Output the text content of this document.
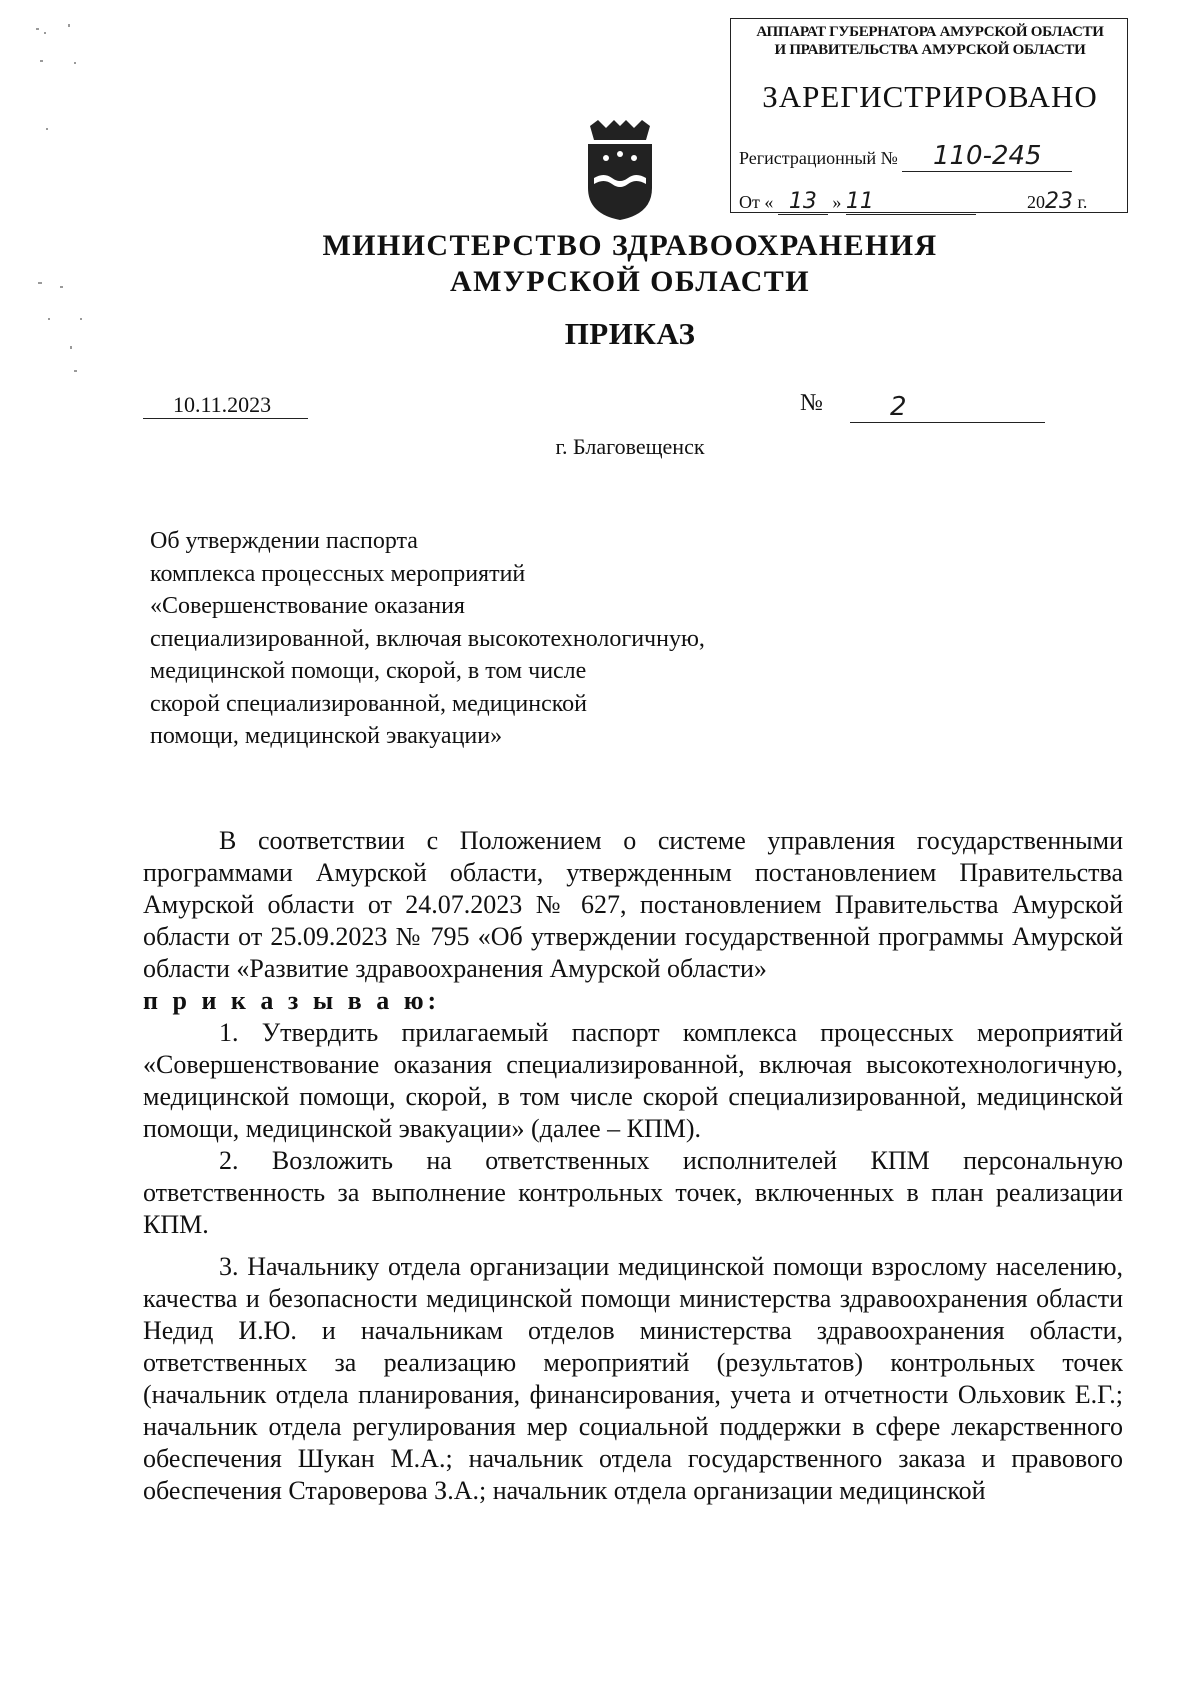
АППАРАТ ГУБЕРНАТОРА АМУРСКОЙ ОБЛАСТИ
И ПРАВИТЕЛЬСТВА АМУРСКОЙ ОБЛАСТИ
ЗАРЕГИСТРИРОВАНО
Регистрационный № 110-245
От « 13 » 11	2023 г.
МИНИСТЕРСТВО ЗДРАВООХРАНЕНИЯ
АМУРСКОЙ ОБЛАСТИ
ПРИКАЗ
10.11.2023	№	2
г. Благовещенск
Об утверждении паспорта
комплекса процессных мероприятий
«Совершенствование оказания
специализированной, включая высокотехнологичную,
медицинской помощи, скорой, в том числе
скорой специализированной, медицинской
помощи, медицинской эвакуации»

В соответствии с Положением о системе управления государственными программами Амурской области, утвержденным постановлением Правительства Амурской области от 24.07.2023 № 627, постановлением Правительства Амурской области от 25.09.2023 № 795 «Об утверждении государственной программы Амурской области «Развитие здравоохранения Амурской области»

п р и к а з ы в а ю:

1. Утвердить прилагаемый паспорт комплекса процессных мероприятий «Совершенствование оказания специализированной, включая высокотехнологичную, медицинской помощи, скорой, в том числе скорой специализированной, медицинской помощи, медицинской эвакуации» (далее – КПМ).

2. Возложить на ответственных исполнителей КПМ персональную ответственность за выполнение контрольных точек, включенных в план реализации КПМ.

3. Начальнику отдела организации медицинской помощи взрослому населению, качества и безопасности медицинской помощи министерства здравоохранения области Недид И.Ю. и начальникам отделов министерства здравоохранения области, ответственных за реализацию мероприятий (результатов) контрольных точек (начальник отдела планирования, финансирования, учета и отчетности Ольховик Е.Г.; начальник отдела регулирования мер социальной поддержки в сфере лекарственного обеспечения Шукан М.А.; начальник отдела государственного заказа и правового обеспечения Староверова З.А.; начальник отдела организации медицинской
